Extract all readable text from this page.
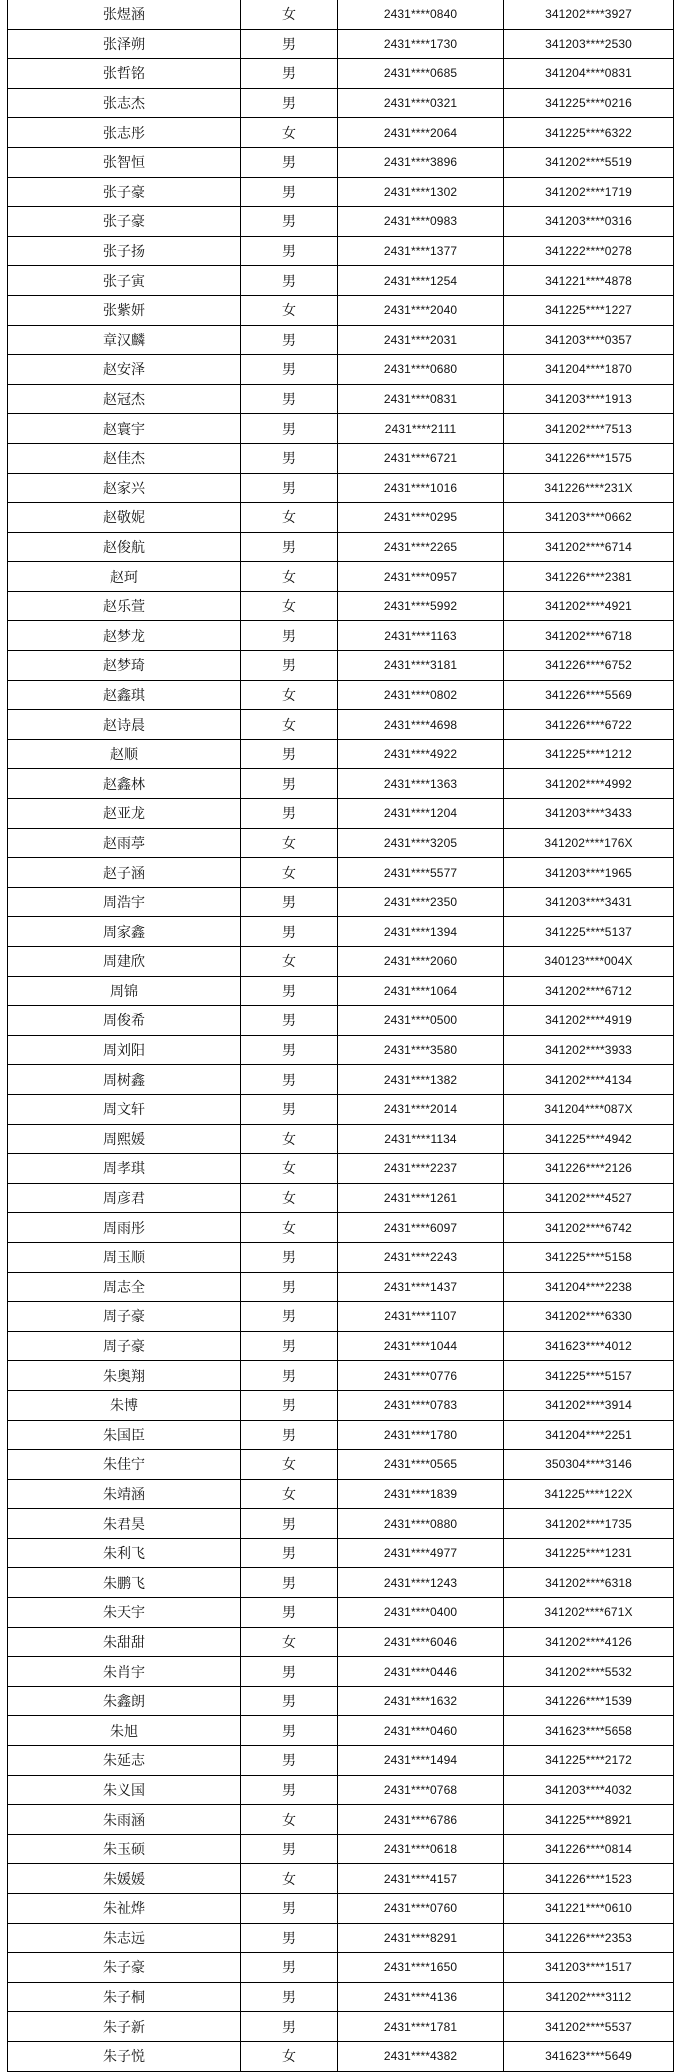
张煜涵	女	2431****0840	341202****3927
张泽朔	男	2431****1730	341203****2530
张哲铭	男	2431****0685	341204****0831
张志杰	男	2431****0321	341225****0216
张志彤	女	2431****2064	341225****6322
张智恒	男	2431****3896	341202****5519
张子豪	男	2431****1302	341202****1719
张子豪	男	2431****0983	341203****0316
张子扬	男	2431****1377	341222****0278
张子寅	男	2431****1254	341221****4878
张紫妍	女	2431****2040	341225****1227
章汉麟	男	2431****2031	341203****0357
赵安泽	男	2431****0680	341204****1870
赵冠杰	男	2431****0831	341203****1913
赵寰宇	男	2431****2111	341202****7513
赵佳杰	男	2431****6721	341226****1575
赵家兴	男	2431****1016	341226****231X
赵敬妮	女	2431****0295	341203****0662
赵俊航	男	2431****2265	341202****6714
赵珂	女	2431****0957	341226****2381
赵乐萱	女	2431****5992	341202****4921
赵梦龙	男	2431****1163	341202****6718
赵梦琦	男	2431****3181	341226****6752
赵鑫琪	女	2431****0802	341226****5569
赵诗晨	女	2431****4698	341226****6722
赵顺	男	2431****4922	341225****1212
赵鑫林	男	2431****1363	341202****4992
赵亚龙	男	2431****1204	341203****3433
赵雨葶	女	2431****3205	341202****176X
赵子涵	女	2431****5577	341203****1965
周浩宇	男	2431****2350	341203****3431
周家鑫	男	2431****1394	341225****5137
周建欣	女	2431****2060	340123****004X
周锦	男	2431****1064	341202****6712
周俊希	男	2431****0500	341202****4919
周刘阳	男	2431****3580	341202****3933
周树鑫	男	2431****1382	341202****4134
周文轩	男	2431****2014	341204****087X
周熙媛	女	2431****1134	341225****4942
周孝琪	女	2431****2237	341226****2126
周彦君	女	2431****1261	341202****4527
周雨彤	女	2431****6097	341202****6742
周玉顺	男	2431****2243	341225****5158
周志全	男	2431****1437	341204****2238
周子豪	男	2431****1107	341202****6330
周子豪	男	2431****1044	341623****4012
朱奥翔	男	2431****0776	341225****5157
朱博	男	2431****0783	341202****3914
朱国臣	男	2431****1780	341204****2251
朱佳宁	女	2431****0565	350304****3146
朱靖涵	女	2431****1839	341225****122X
朱君昊	男	2431****0880	341202****1735
朱利飞	男	2431****4977	341225****1231
朱鹏飞	男	2431****1243	341202****6318
朱天宇	男	2431****0400	341202****671X
朱甜甜	女	2431****6046	341202****4126
朱肖宇	男	2431****0446	341202****5532
朱鑫朗	男	2431****1632	341226****1539
朱旭	男	2431****0460	341623****5658
朱延志	男	2431****1494	341225****2172
朱义国	男	2431****0768	341203****4032
朱雨涵	女	2431****6786	341225****8921
朱玉硕	男	2431****0618	341226****0814
朱媛媛	女	2431****4157	341226****1523
朱祉烨	男	2431****0760	341221****0610
朱志远	男	2431****8291	341226****2353
朱子豪	男	2431****1650	341203****1517
朱子桐	男	2431****4136	341202****3112
朱子新	男	2431****1781	341202****5537
朱子悦	女	2431****4382	341623****5649
